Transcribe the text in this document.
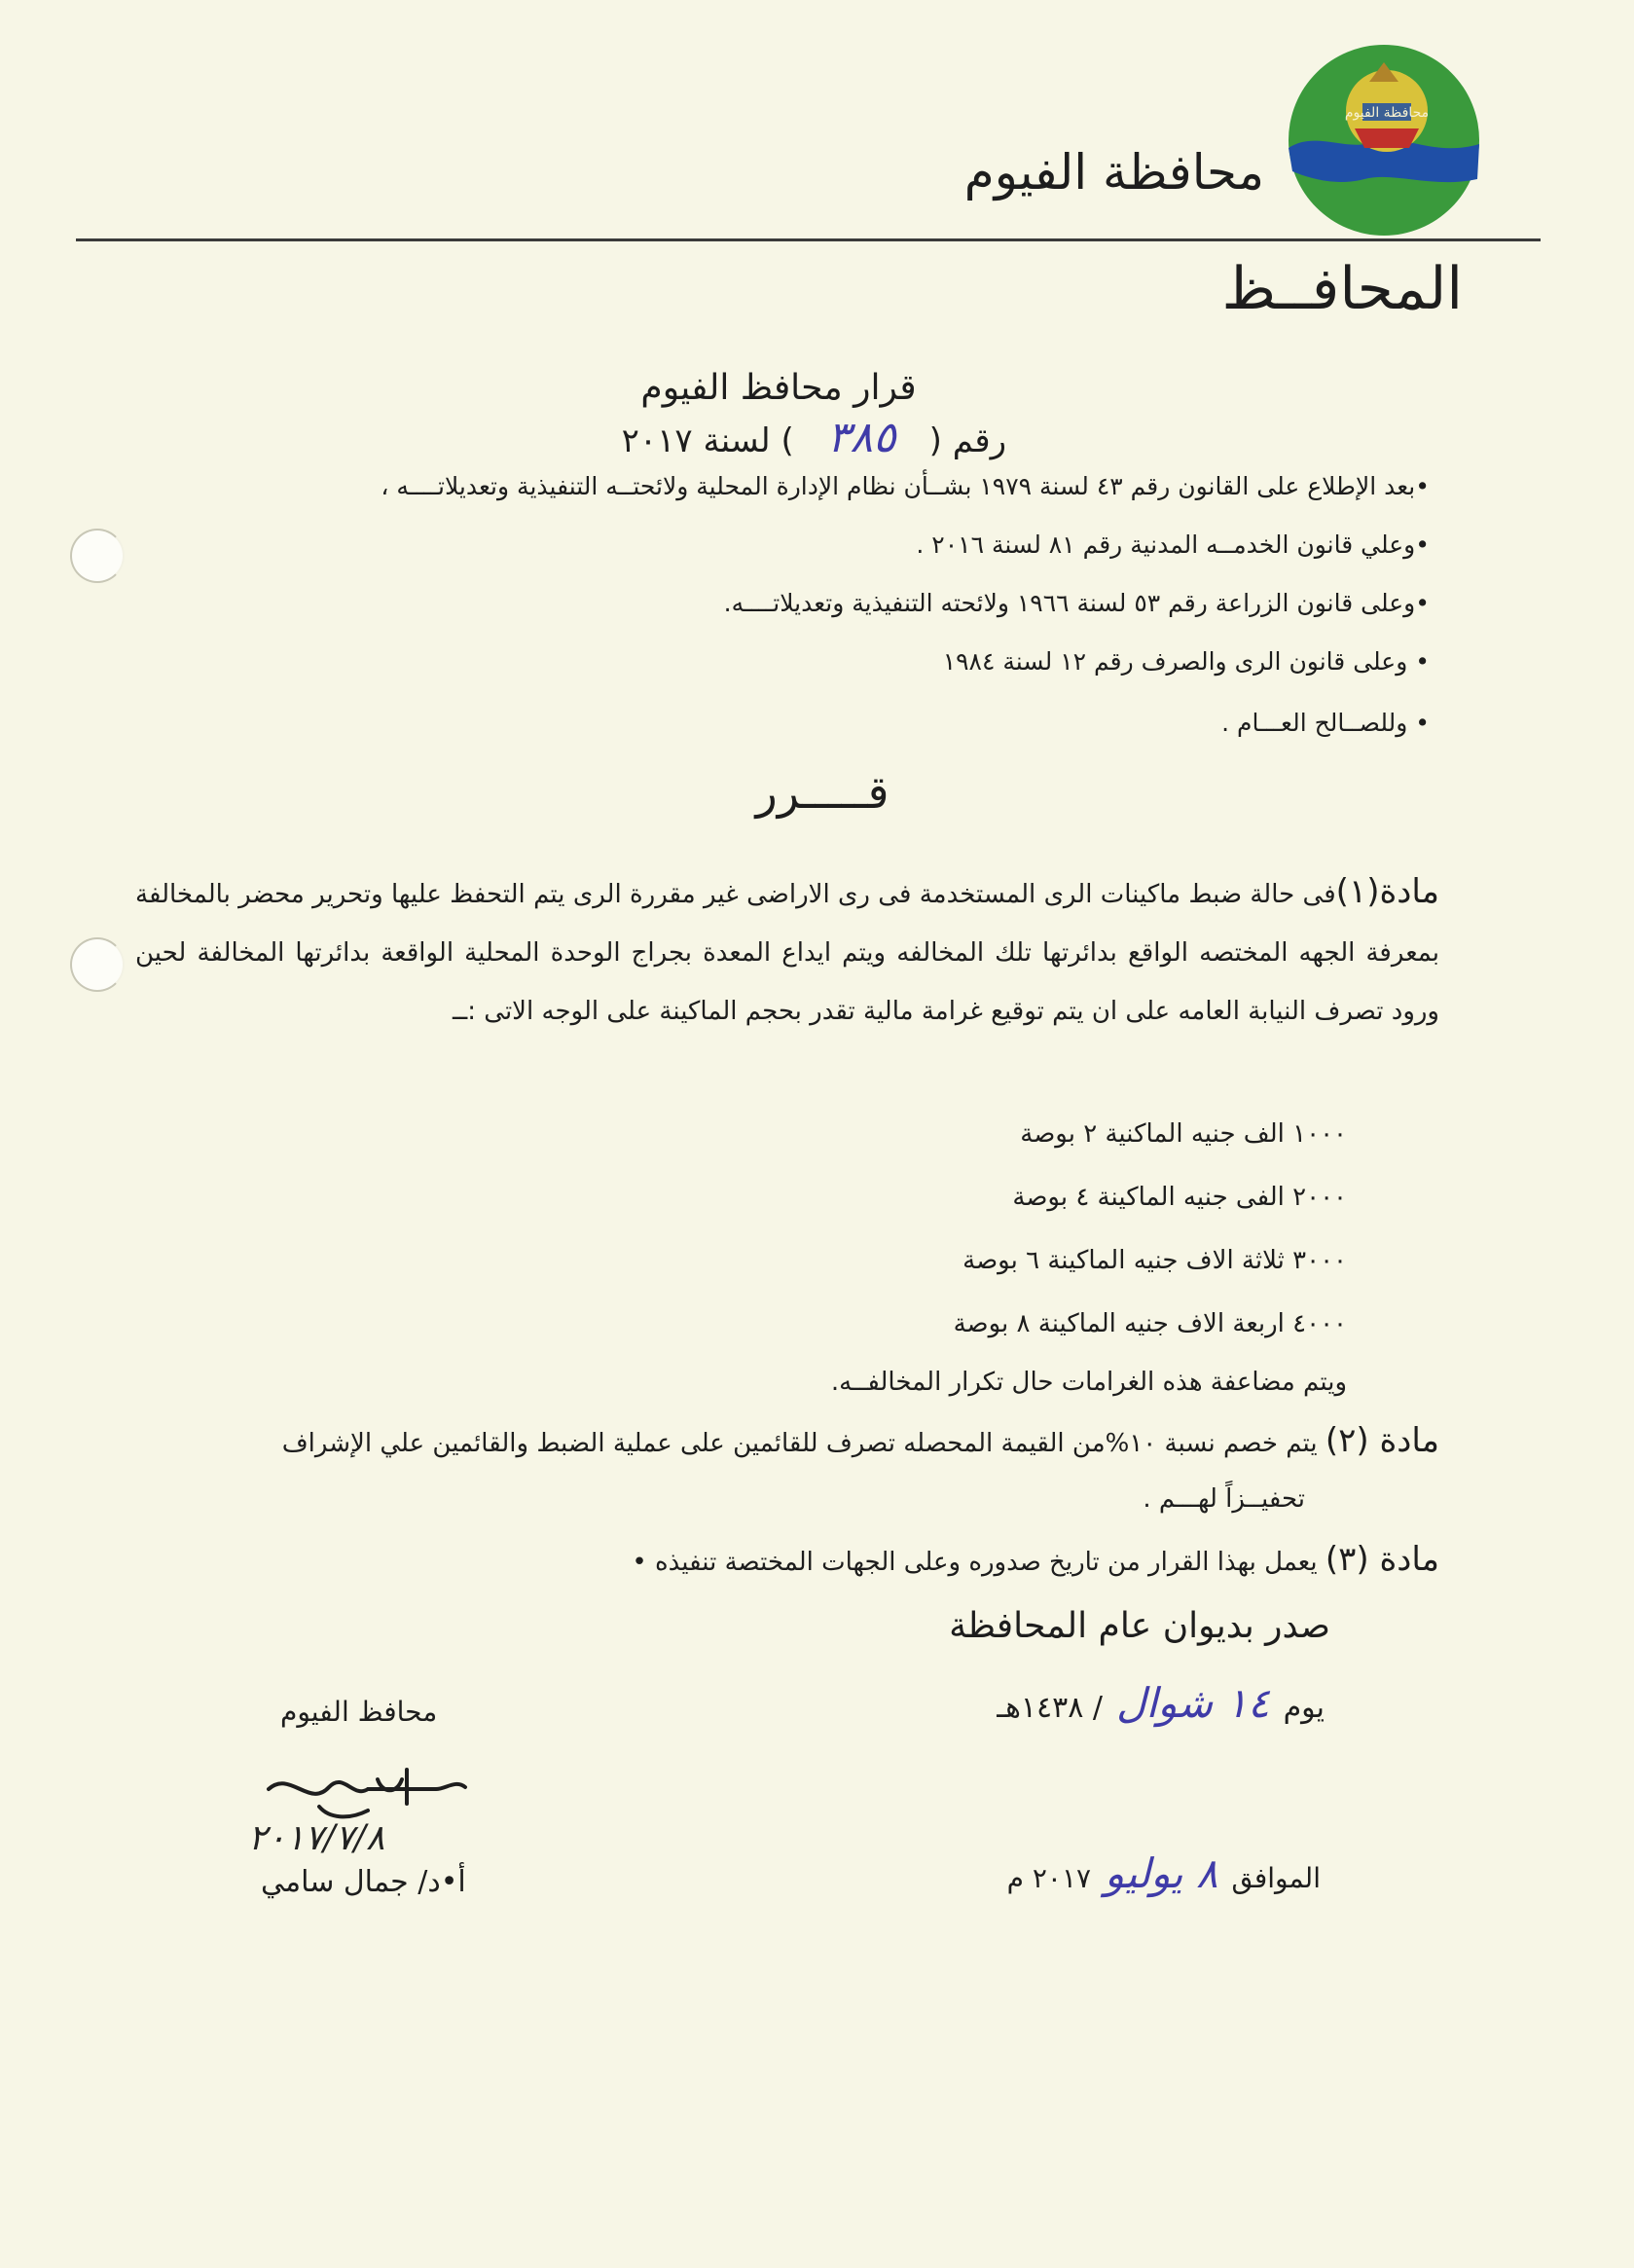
محافظة الفيوم
محافظة الفيوم
المحافــظ
قرار محافظ الفيوم
رقم (٣٨٥) لسنة ٢٠١٧
•بعد الإطلاع على القانون رقم ٤٣ لسنة ١٩٧٩ بشــأن نظام الإدارة المحلية ولائحتــه التنفيذية وتعديلاتــــه ،
•وعلي قانون الخدمــه المدنية رقم ٨١ لسنة ٢٠١٦ .
•وعلى قانون الزراعة رقم ٥٣ لسنة ١٩٦٦ ولائحته التنفيذية وتعديلاتــــه.
• وعلى قانون الرى والصرف رقم ١٢ لسنة ١٩٨٤
• وللصــالح العـــام .
قـــــرر
مادة(١)فى حالة ضبط ماكينات الرى المستخدمة فى رى الاراضى غير مقررة الرى يتم التحفظ عليها وتحرير محضر بالمخالفة بمعرفة الجهه المختصه الواقع بدائرتها تلك المخالفه ويتم ايداع المعدة بجراج الوحدة المحلية الواقعة بدائرتها المخالفة لحين ورود تصرف النيابة العامه على ان يتم توقيع غرامة مالية تقدر بحجم الماكينة على الوجه الاتى :ــ
١٠٠٠ الف جنيه الماكنية ٢ بوصة
٢٠٠٠ الفى جنيه الماكينة ٤ بوصة
٣٠٠٠ ثلاثة الاف جنيه الماكينة ٦ بوصة
٤٠٠٠ اربعة الاف جنيه الماكينة ٨ بوصة
ويتم مضاعفة هذه الغرامات حال تكرار المخالفــه.
مادة (٢) يتم خصم نسبة ١٠%من القيمة المحصله تصرف للقائمين على عملية الضبط والقائمين علي الإشراف
تحفيــزاً لهـــم .
مادة (٣) يعمل بهذا القرار من تاريخ صدوره وعلى الجهات المختصة تنفيذه •
صدر بديوان عام المحافظة
يوم١٤ شوال/ ١٤٣٨هـ
الموافق٨ يوليو٢٠١٧ م
محافظ الفيوم
٢٠١٧/٧/٨
أ•د/ جمال سامي
